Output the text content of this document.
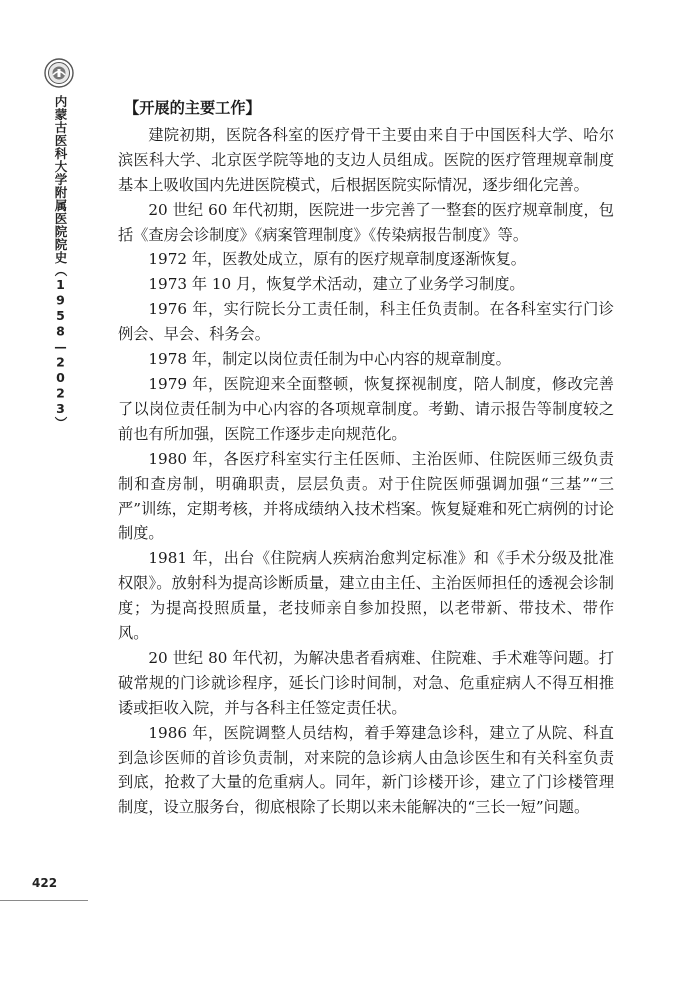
内蒙古医科大学附属医院院史（1958—2023）	【开展的主要工作】

建院初期，医院各科室的医疗骨干主要由来自于中国医科大学、哈尔滨医科大学、北京医学院等地的支边人员组成。医院的医疗管理规章制度基本上吸收国内先进医院模式，后根据医院实际情况，逐步细化完善。

20 世纪 60 年代初期，医院进一步完善了一整套的医疗规章制度，包括《查房会诊制度》《病案管理制度》《传染病报告制度》等。

1972 年，医教处成立，原有的医疗规章制度逐渐恢复。

1973 年 10 月，恢复学术活动，建立了业务学习制度。

1976 年，实行院长分工责任制，科主任负责制。在各科室实行门诊例会、早会、科务会。

1978 年，制定以岗位责任制为中心内容的规章制度。

1979 年，医院迎来全面整顿，恢复探视制度，陪人制度，修改完善了以岗位责任制为中心内容的各项规章制度。考勤、请示报告等制度较之前也有所加强，医院工作逐步走向规范化。

1980 年，各医疗科室实行主任医师、主治医师、住院医师三级负责制和查房制，明确职责，层层负责。对于住院医师强调加强“三基”“三严”训练，定期考核，并将成绩纳入技术档案。恢复疑难和死亡病例的讨论制度。

1981 年，出台《住院病人疾病治愈判定标准》和《手术分级及批准权限》。放射科为提高诊断质量，建立由主任、主治医师担任的透视会诊制度；为提高投照质量，老技师亲自参加投照，以老带新、带技术、带作风。

20 世纪 80 年代初，为解决患者看病难、住院难、手术难等问题。打破常规的门诊就诊程序，延长门诊时间制，对急、危重症病人不得互相推诿或拒收入院，并与各科主任签定责任状。

1986 年，医院调整人员结构，着手筹建急诊科，建立了从院、科直到急诊医师的首诊负责制，对来院的急诊病人由急诊医生和有关科室负责到底，抢救了大量的危重病人。同年，新门诊楼开诊，建立了门诊楼管理制度，设立服务台，彻底根除了长期以来未能解决的“三长一短”问题。

422
